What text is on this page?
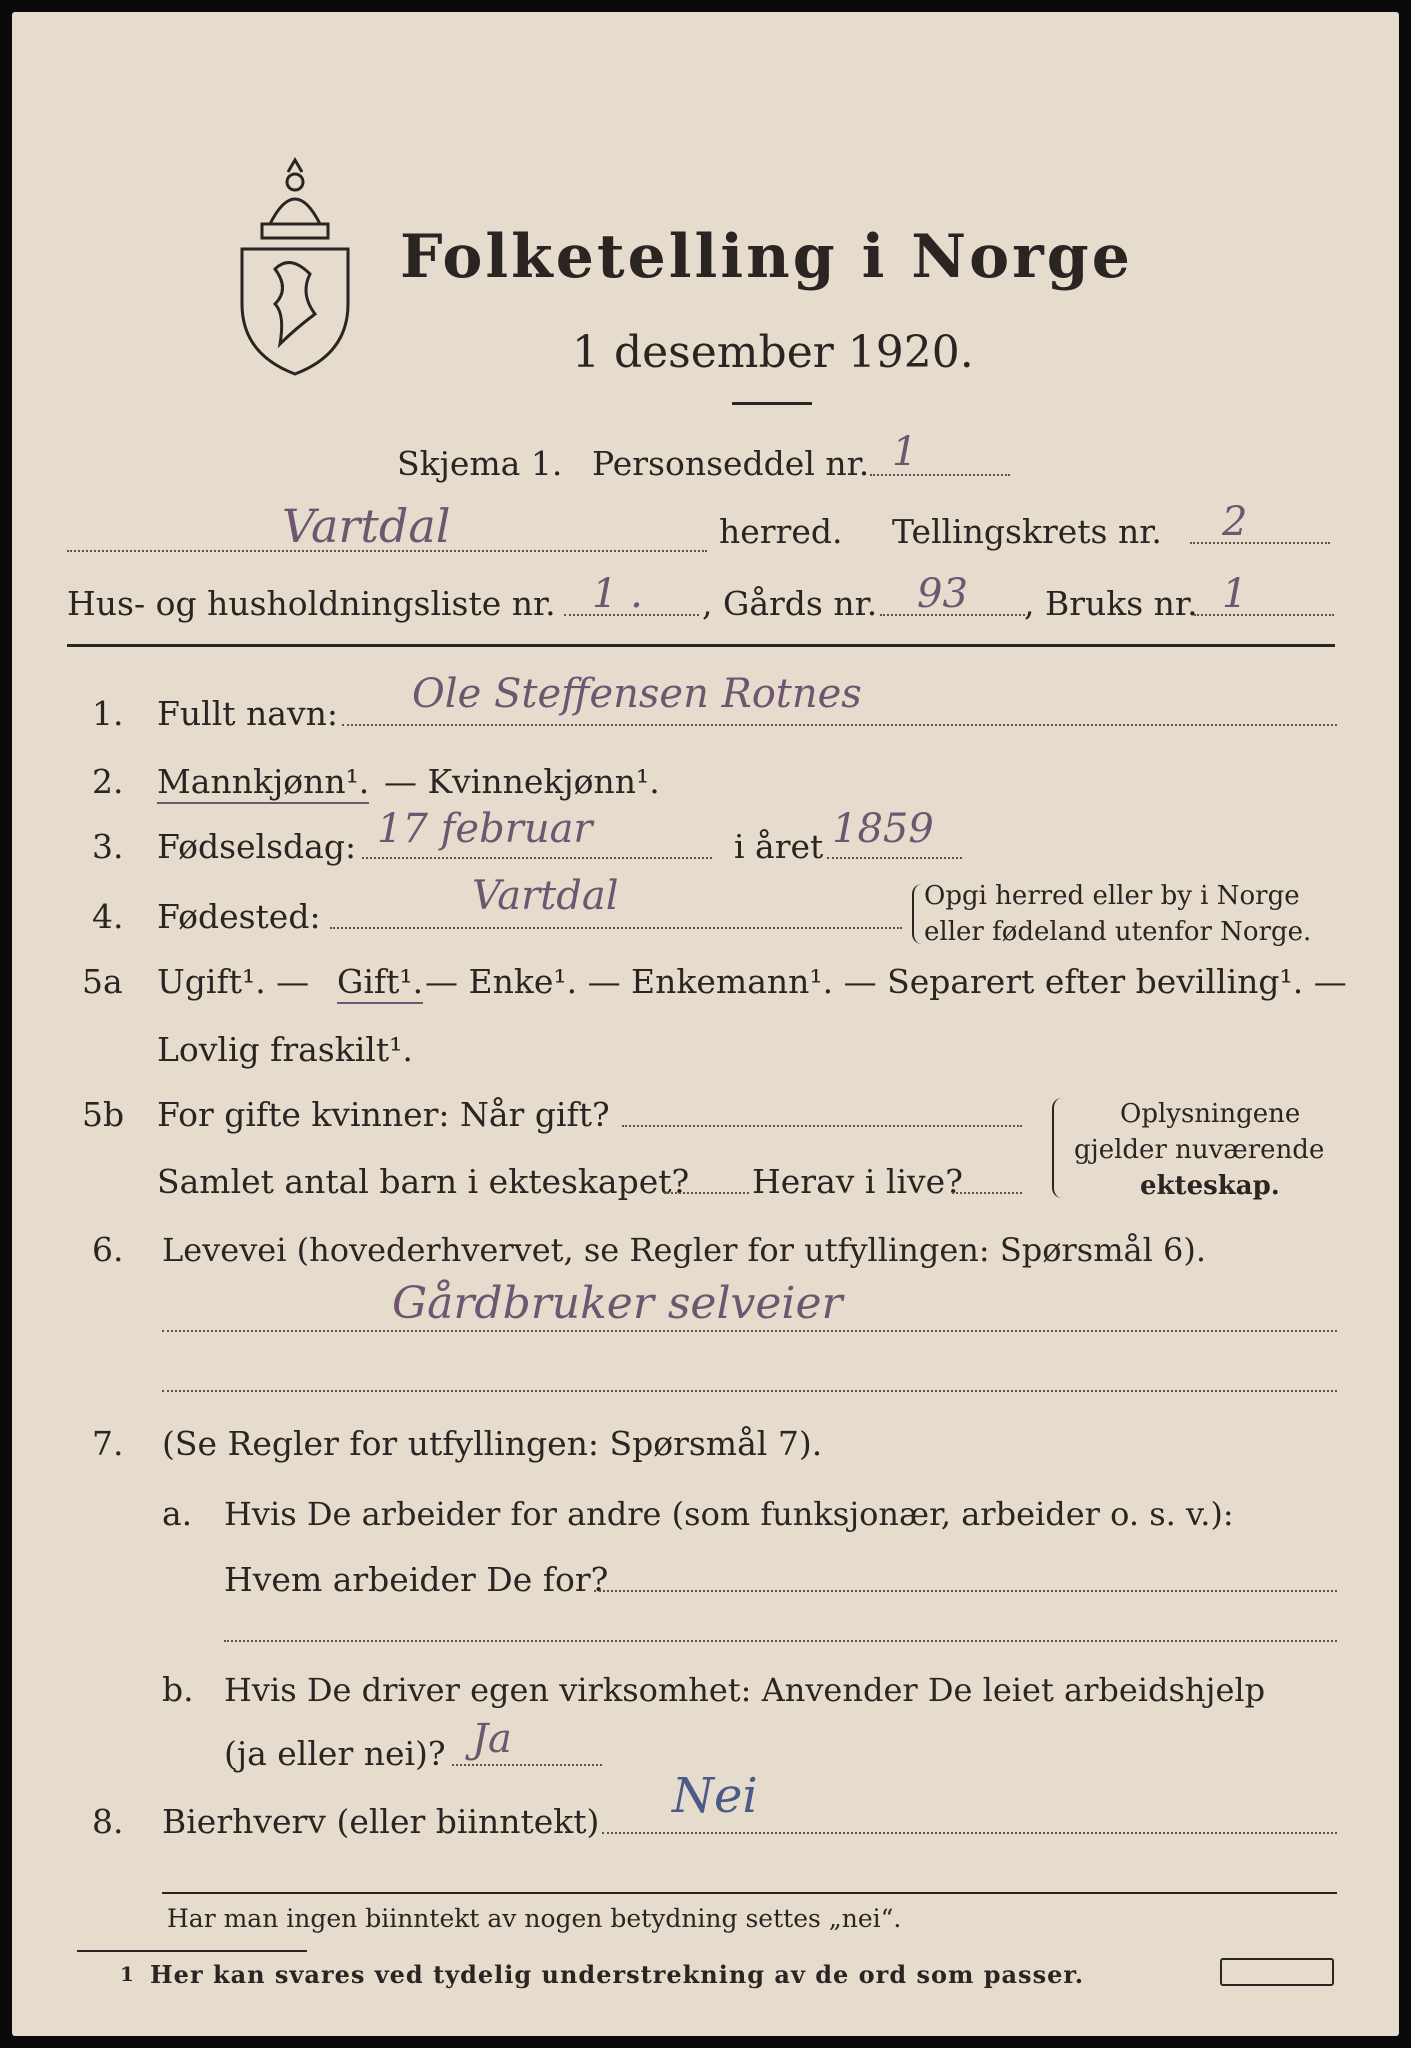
Folketelling i Norge
1 desember 1920.
Skjema 1. Personseddel nr. 1
Vartdal	herred. Tellingskrets nr. 2
Hus- og husholdningsliste nr. 1 . , Gårds nr. 93 , Bruks nr. 1
1. Fullt navn: Ole Steffensen Rotnes
2. Mannkjønn¹. — Kvinnekjønn¹.
3. Fødselsdag: 17 februar	i året 1859
4. Fødested:	Vartdal	Opgi herred eller by i Norge
eller fødeland utenfor Norge.
5a Ugift¹. — Gift¹. — Enke¹. — Enkemann¹. — Separert efter bevilling¹. —
Lovlig fraskilt¹.
5b For gifte kvinner: Når gift?
Samlet antal barn i ekteskapet? Herav i live?
Oplysningene
gjelder nuværende
ekteskap.
6. Levevei (hovederhvervet, se Regler for utfyllingen: Spørsmål 6).
Gårdbruker selveier
7. (Se Regler for utfyllingen: Spørsmål 7).
a. Hvis De arbeider for andre (som funksjonær, arbeider o. s. v.):
Hvem arbeider De for?
b. Hvis De driver egen virksomhet: Anvender De leiet arbeidshjelp
(ja eller nei)? Ja
8. Bierhverv (eller biinntekt) Nei
Har man ingen biinntekt av nogen betydning settes „nei“.
1 Her kan svares ved tydelig understrekning av de ord som passer.
